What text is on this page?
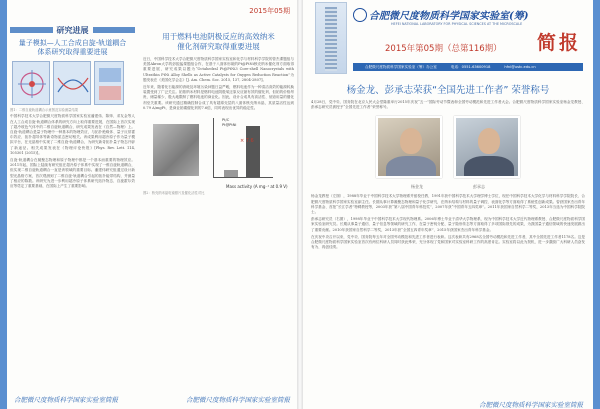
2015年05期
研究进展
量子模拟—人工合成自旋-轨道耦合
体系研究取得重要进展
图1：二维自旋轨道耦合示意图及实验测量结果
中国科学技术大学合肥微尺度物质科学国家实验室潘建伟、陈帅、邓友金等人在人工合成自旋-轨道耦合体系的研究方向上取得重要进展，在国际上首次实现了超冷玻色气体中的二维自旋轨道耦合，研究成果发表在《自然—物理》上。自旋-轨道耦合是量子物理中一种基本的物理效应，与拓扑绝缘体、量子反常霍尔效应、拓扑超导体等新奇物质态密切相关。该成果利用超冷原子作为量子模拟平台，在光晶格中实现了二维自旋-轨道耦合，为研究新奇拓扑量子物态开辟了新途径。相关成果发表在《物理评论快报》[Phys. Rev. Lett. 114, 105301 (2015)]。
自旋-轨道耦合在凝聚态物理和原子物理中都是一个基本而重要的物理效应。2011年起，国际上陆续有研究组在超冷原子体系中实现了一维自旋轨道耦合，但实现二维自旋轨道耦合一直是该领域的重要目标。潘建伟研究组通过设计新型光晶格方案，首次观测到了二维自旋-轨道耦合引起的拓扑能带结构，并测量了相应的陈数。该研究为进一步利用超冷原子体系研究拓扑物态、自旋霍尔效应等奠定了重要基础，在国际上产生了重要影响。
用于燃料电池阴极反应的高效纳米
催化剂研究取得重要进展
近日，中国科学技术大学合肥微尺度物质科学国家实验室和化学与材料科学学院的曾杰课题组与美国Akron大学的彭振猛课题组合作，在基于八面体形貌的Pt@PtNi核壳纳米催化剂方面取得重要进展，研究成果以题为“Octahedral Pt@PtNi3 Core-shell Nanocrystals with Ultrathin PtNi Alloy Shells as Active Catalysts for Oxygen Reduction Reaction”为题发表在《美国化学会志》[J. Am. Chem. Soc. 2015, 137, 2804-2807]。
近年来，随着化石能源的消耗及环境污染问题日益严峻，燃料电池作为一种清洁高效的能源转换装置受到了广泛关注。铂基纳米材料是燃料电池阴极氧还原反应最有效的催化剂，但铂的价格昂贵、储量稀少，极大地限制了燃料电池的商业化。因此，设计合成具有高活性、低铂用量的催化剂至关重要。该研究通过精确控制合成了具有超薄壳层的八面体核壳纳米晶，其质量活性达到0.79 A/mgPt，是商业铂碳催化剂的7.6倍，同时表现出优异的稳定性。
Pt/C
Pt@PtNi
× 7.6
Mass activity (A mg⁻¹ at 0.9 V)
图2：核壳纳米晶电镜照片及催化活性对比
合肥微尺度物质科学国家实验室简报	合肥微尺度物质科学国家实验室简报
合肥微尺度物质科学国家实验室(筹)
HEFEI NATIONAL LABORATORY FOR PHYSICAL SCIENCES AT THE MICROSCALE
2015年第05期（总第116期） 简报
合肥微尺度物质科学国家实验室（筹）办公室	电话：0551-63600918	hfnl@ustc.edu.cn
杨金龙、彭承志荣获“全国先进工作者” 荣誉称号
4月28日，党中央、国务院在北京人民大会堂隆重举行2015年庆祝“五一”国际劳动节暨表彰全国劳动模范和先进工作者大会。合肥微尺度物质科学国家实验室杨金龙教授、彭承志研究员被授予“全国先进工作者”荣誉称号。
杨金龙	彭承志
杨金龙教授（左图），1988年毕业于中国科学技术大学物理系并留校任教，1991年获中国科学技术大学理学博士学位，现任中国科学技术大学化学与材料科学学院院长、合肥微尺度物质科学国家实验室副主任。长期从事计算凝聚态物理和量子化学研究，在纳米结构与材料的量子调控、表面化学等方面取得了系统性创新成果。曾获国家杰出青年科学基金、首批“长江学者”特聘教授等，2003年获“第八届中国青年科技奖”，2007年获“中国青年五四奖章”。2011年获国家自然科学二等奖，2013年当选为中国科学院院士。
彭承志研究员（右图），1998年毕业于中国科学技术大学现代物理系。2006年博士毕业于清华大学物理系，现为中国科学技术大学近代物理系教授、合肥微尺度物质科学国家实验室研究员。长期从事量子通信、量子信息等领域的研究工作，在量子密钥分配、量子隐形传态等方面取得了多项国际领先的成果，为我国量子通信领域的快速发展做出了重要贡献。2010年获国家自然科学二等奖，2013年获“全国五四青年奖章”、2015年获国家杰出青年科学基金。
在庆祝中央召开以来，党中央、国务院每五年对全国劳动模范和先进工作者进行表彰。这次表彰共有2968名全国劳动模范和先进工作者，其中全国先进工作者1178名。这是合肥微尺度物质科学国家实验室首次有两位科研人员同时获此殊荣，充分体现了党和国家对实验室科研工作的高度肯定。实验室将以此为契机，进一步激励广大科研人员奋发有为、再创佳绩。
合肥微尺度物质科学国家实验室简报
